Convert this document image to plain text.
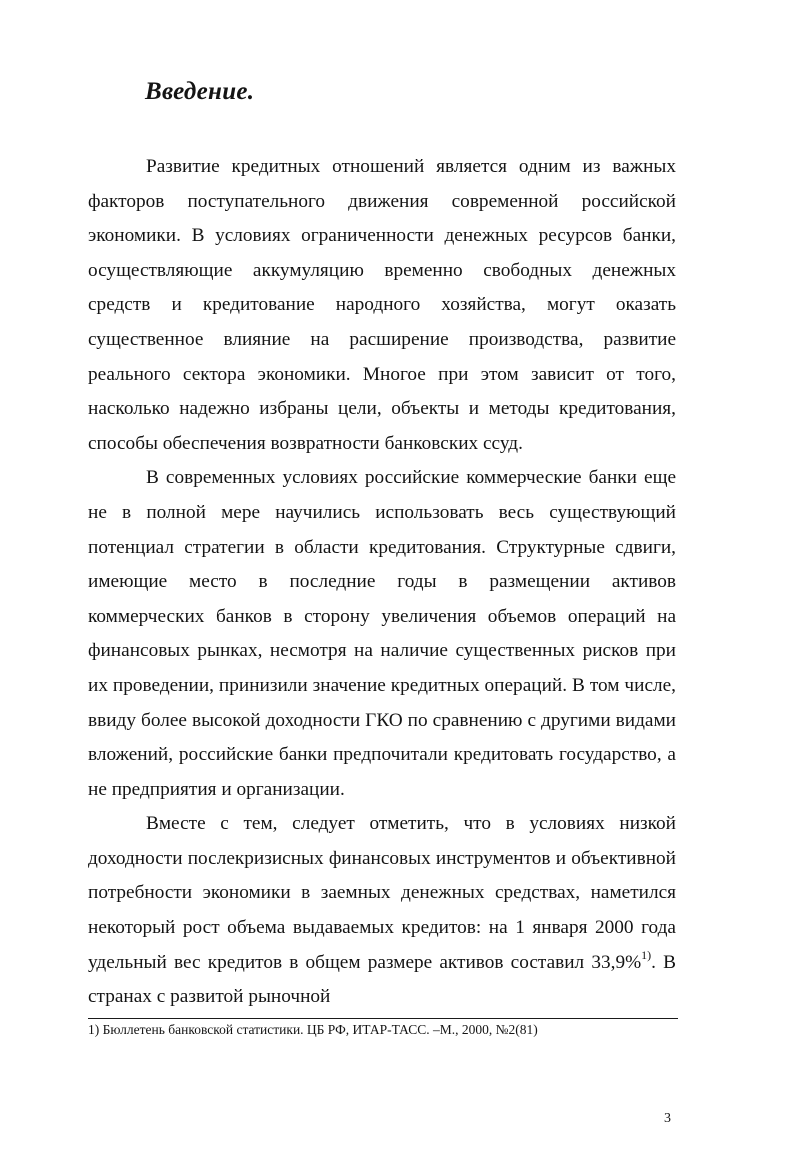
Введение.

Развитие кредитных отношений является одним из важных факторов поступательного движения современной российской экономики. В условиях ограниченности денежных ресурсов банки, осуществляющие аккумуляцию временно свободных денежных средств и кредитование народного хозяйства, могут оказать существенное влияние на расширение производства, развитие реального сектора экономики. Многое при этом зависит от того, насколько надежно избраны цели, объекты и методы кредитования, способы обеспечения возвратности банковских ссуд.

В современных условиях российские коммерческие банки еще не в полной мере научились использовать весь существующий потенциал стратегии в области кредитования. Структурные сдвиги, имеющие место в последние годы в размещении активов коммерческих банков в сторону увеличения объемов операций на финансовых рынках, несмотря на наличие существенных рисков при их проведении, принизили значение кредитных операций. В том числе, ввиду более высокой доходности ГКО по сравнению с другими видами вложений, российские банки предпочитали кредитовать государство, а не предприятия и организации.

Вместе с тем, следует отметить, что в условиях низкой доходности послекризисных финансовых инструментов и объективной потребности экономики в заемных денежных средствах, наметился некоторый рост объема выдаваемых кредитов: на 1 января 2000 года удельный вес кредитов в общем размере активов составил 33,9%$^{1)}$. В странах с развитой рыночной

1) Бюллетень банковской статистики. ЦБ РФ, ИТАР-ТАСС. –М., 2000, №2(81)

3
